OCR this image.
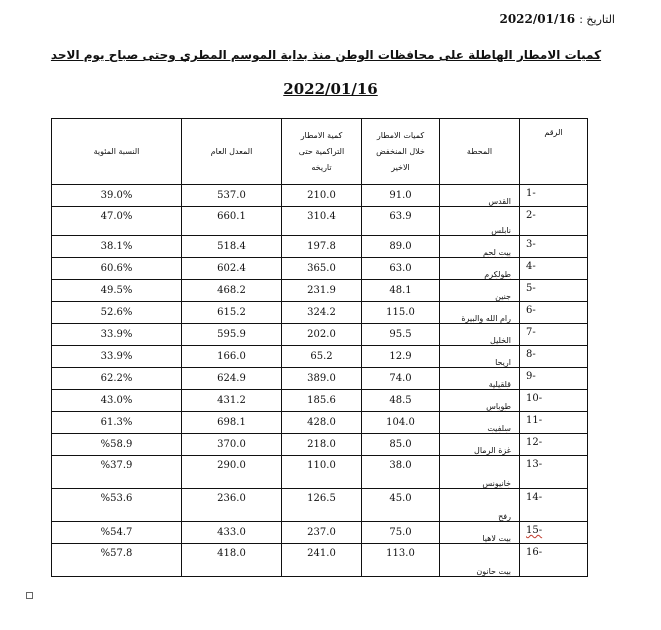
التاريخ : 2022/01/16
كميات الامطار الهاطلة على محافظات الوطن منذ بداية الموسم المطري وحتى صباح يوم الاحد
2022/01/16
النسبة المئوية	المعدل العام	كمية الامطار التراكمية حتى تاريخه	كميات الامطار خلال المنخفض الاخير	المحطة	الرقم
39.0%	537.0	210.0	91.0	القدس	1-
47.0%	660.1	310.4	63.9	نابلس	2-
38.1%	518.4	197.8	89.0	بيت لحم	3-
60.6%	602.4	365.0	63.0	طولكرم	4-
49.5%	468.2	231.9	48.1	جنين	5-
52.6%	615.2	324.2	115.0	رام الله والبيرة	6-
33.9%	595.9	202.0	95.5	الخليل	7-
33.9%	166.0	65.2	12.9	اريحا	8-
62.2%	624.9	389.0	74.0	قلقيلية	9-
43.0%	431.2	185.6	48.5	طوباس	10-
61.3%	698.1	428.0	104.0	سلفيت	11-
%58.9	370.0	218.0	85.0	غزة الرمال	12-
%37.9	290.0	110.0	38.0	خانيونس	13-
%53.6	236.0	126.5	45.0	رفح	14-
%54.7	433.0	237.0	75.0	بيت لاهيا	15-
%57.8	418.0	241.0	113.0	بيت حانون	16-
